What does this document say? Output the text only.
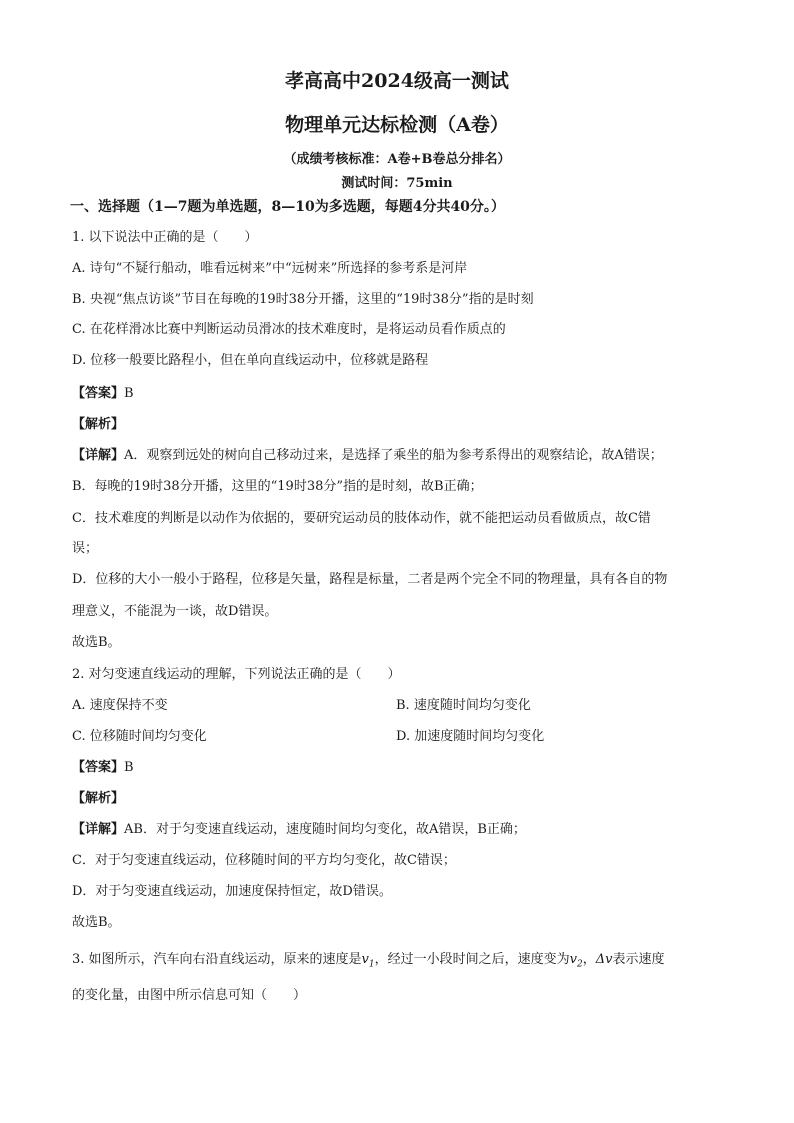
孝高高中2024级高一测试
物理单元达标检测（A卷）
（成绩考核标准：A卷+B卷总分排名）
测试时间：75min
一、选择题（1—7题为单选题，8—10为多选题，每题4分共40分。）
1. 以下说法中正确的是（　　）
A. 诗句“不疑行船动，唯看远树来”中“远树来”所选择的参考系是河岸
B. 央视“焦点访谈”节目在每晚的19时38分开播，这里的“19时38分”指的是时刻
C. 在花样滑冰比赛中判断运动员滑冰的技术难度时，是将运动员看作质点的
D. 位移一般要比路程小，但在单向直线运动中，位移就是路程
【答案】B
【解析】
【详解】A．观察到远处的树向自己移动过来，是选择了乘坐的船为参考系得出的观察结论，故A错误；
B．每晚的19时38分开播，这里的“19时38分”指的是时刻，故B正确；
C．技术难度的判断是以动作为依据的，要研究运动员的肢体动作，就不能把运动员看做质点，故C错
误；
D．位移的大小一般小于路程，位移是矢量，路程是标量，二者是两个完全不同的物理量，具有各自的物
理意义，不能混为一谈，故D错误。
故选B。
2. 对匀变速直线运动的理解，下列说法正确的是（　　）
A. 速度保持不变	B. 速度随时间均匀变化
C. 位移随时间均匀变化	D. 加速度随时间均匀变化
【答案】B
【解析】
【详解】AB．对于匀变速直线运动，速度随时间均匀变化，故A错误，B正确；
C．对于匀变速直线运动，位移随时间的平方均匀变化，故C错误；
D．对于匀变速直线运动，加速度保持恒定，故D错误。
故选B。
3. 如图所示，汽车向右沿直线运动，原来的速度是$v_1$，经过一小段时间之后，速度变为$v_2$，Δv表示速度
的变化量，由图中所示信息可知（　　）
